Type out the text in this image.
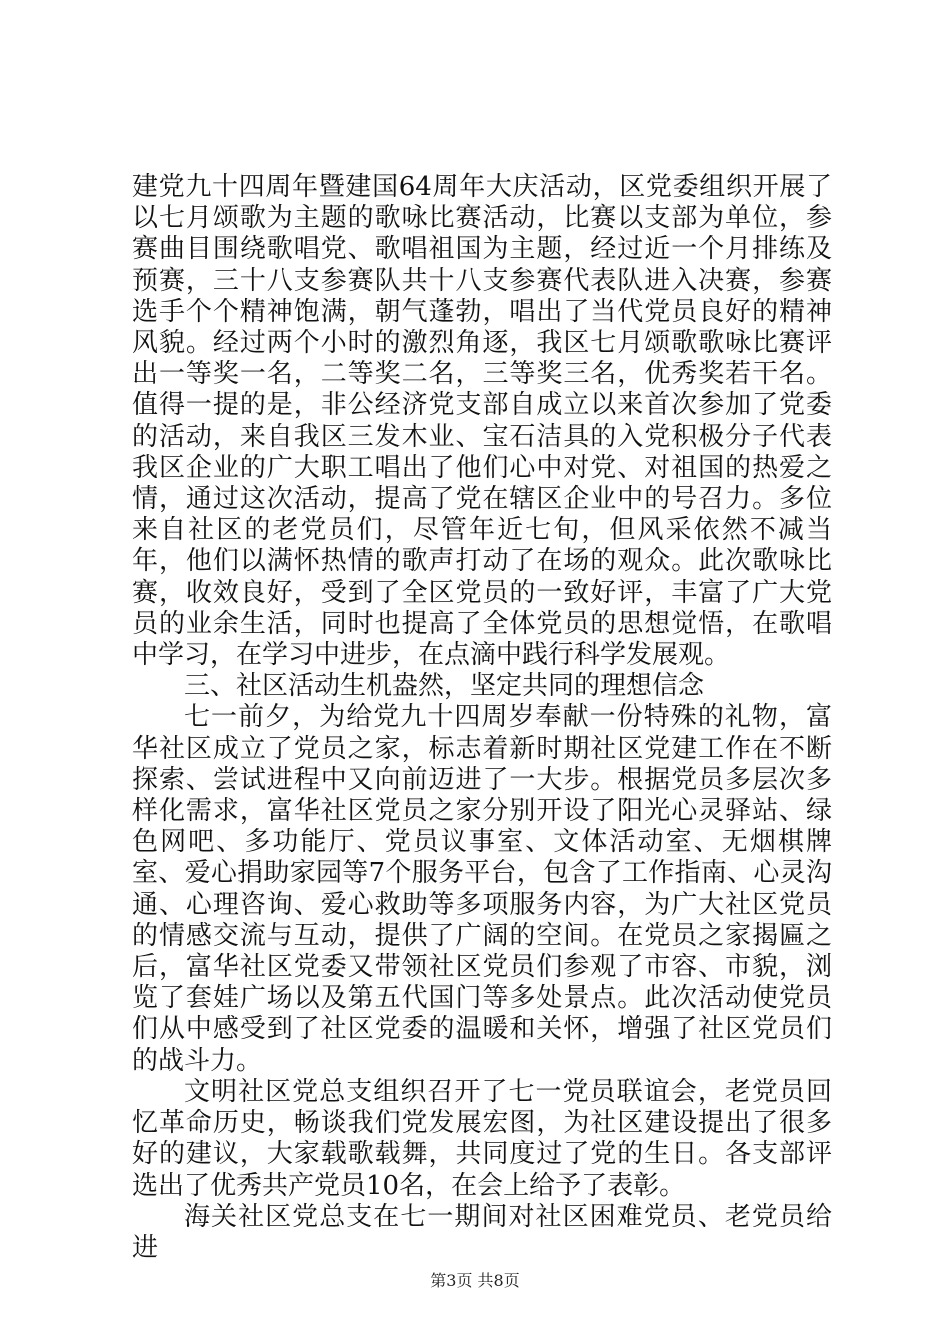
建党九十四周年暨建国64周年大庆活动，区党委组织开展了以七月颂歌为主题的歌咏比赛活动，比赛以支部为单位，参赛曲目围绕歌唱党、歌唱祖国为主题，经过近一个月排练及预赛，三十八支参赛队共十八支参赛代表队进入决赛，参赛选手个个精神饱满，朝气蓬勃，唱出了当代党员良好的精神风貌。经过两个小时的激烈角逐，我区七月颂歌歌咏比赛评出一等奖一名，二等奖二名，三等奖三名，优秀奖若干名。值得一提的是，非公经济党支部自成立以来首次参加了党委的活动，来自我区三发木业、宝石洁具的入党积极分子代表我区企业的广大职工唱出了他们心中对党、对祖国的热爱之情，通过这次活动，提高了党在辖区企业中的号召力。多位来自社区的老党员们，尽管年近七旬，但风采依然不减当年，他们以满怀热情的歌声打动了在场的观众。此次歌咏比赛，收效良好，受到了全区党员的一致好评，丰富了广大党员的业余生活，同时也提高了全体党员的思想觉悟，在歌唱中学习，在学习中进步，在点滴中践行科学发展观。

三、社区活动生机盎然，坚定共同的理想信念

七一前夕，为给党九十四周岁奉献一份特殊的礼物，富华社区成立了党员之家，标志着新时期社区党建工作在不断探索、尝试进程中又向前迈进了一大步。根据党员多层次多样化需求，富华社区党员之家分别开设了阳光心灵驿站、绿色网吧、多功能厅、党员议事室、文体活动室、无烟棋牌室、爱心捐助家园等7个服务平台，包含了工作指南、心灵沟通、心理咨询、爱心救助等多项服务内容，为广大社区党员的情感交流与互动，提供了广阔的空间。在党员之家揭匾之后，富华社区党委又带领社区党员们参观了市容、市貌，浏览了套娃广场以及第五代国门等多处景点。此次活动使党员们从中感受到了社区党委的温暖和关怀，增强了社区党员们的战斗力。

文明社区党总支组织召开了七一党员联谊会，老党员回忆革命历史，畅谈我们党发展宏图，为社区建设提出了很多好的建议，大家载歌载舞，共同度过了党的生日。各支部评选出了优秀共产党员10名，在会上给予了表彰。

海关社区党总支在七一期间对社区困难党员、老党员给进

第3页 共8页
